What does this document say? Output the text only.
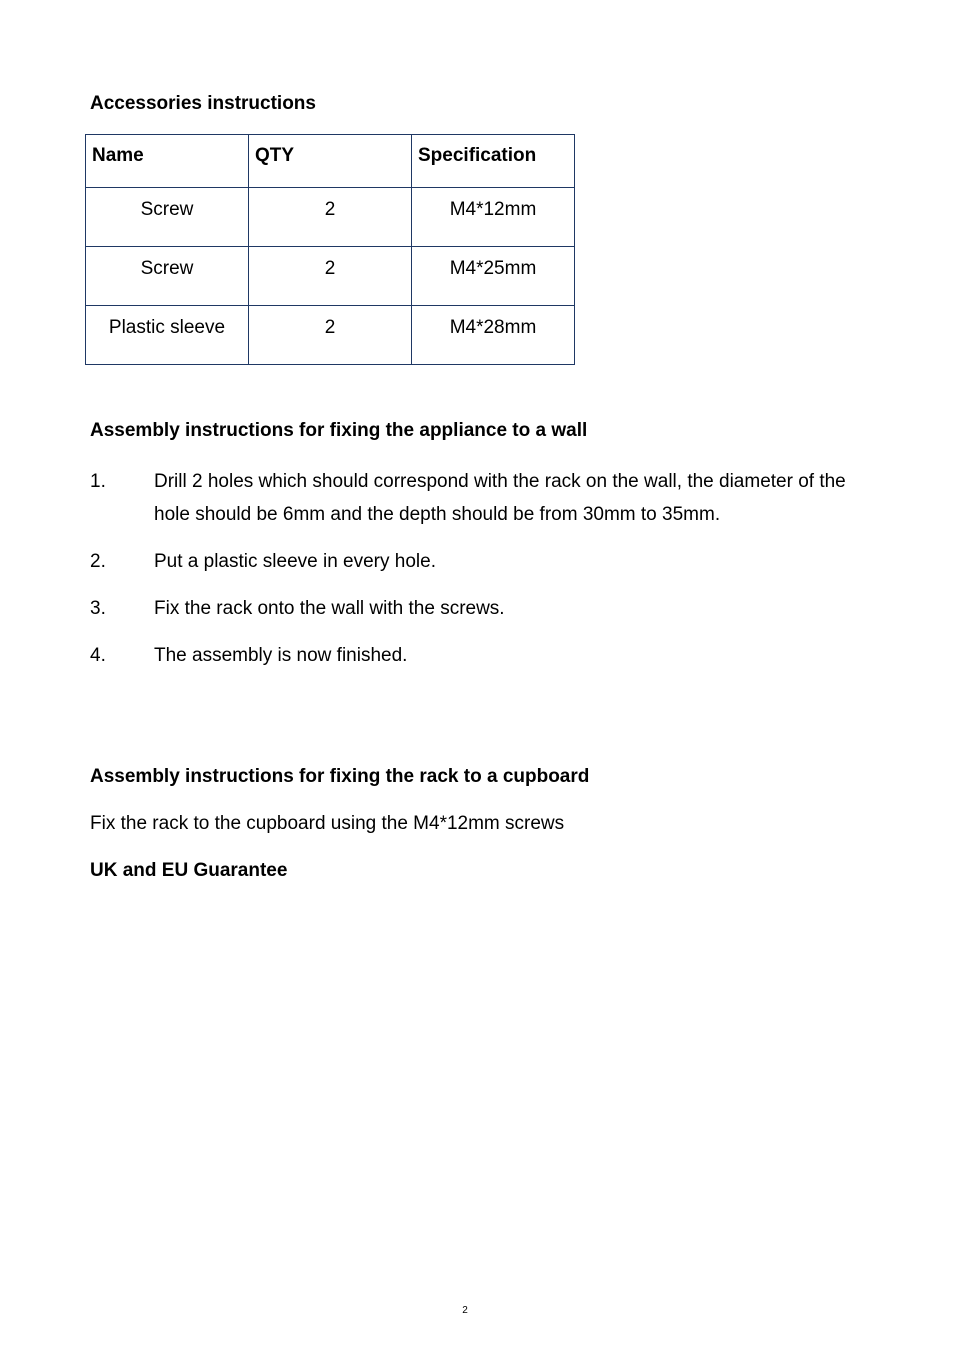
Accessories instructions
Name	QTY	Specification
Screw	2	M4*12mm
Screw	2	M4*25mm
Plastic sleeve	2	M4*28mm
Assembly instructions for fixing the appliance to a wall
1.	Drill 2 holes which should correspond with the rack on the wall, the diameter of the hole should be 6mm and the depth should be from 30mm to 35mm.
2.	Put a plastic sleeve in every hole.
3.	Fix the rack onto the wall with the screws.
4.	The assembly is now finished.
Assembly instructions for fixing the rack to a cupboard
Fix the rack to the cupboard using the M4*12mm screws
UK and EU Guarantee
2
